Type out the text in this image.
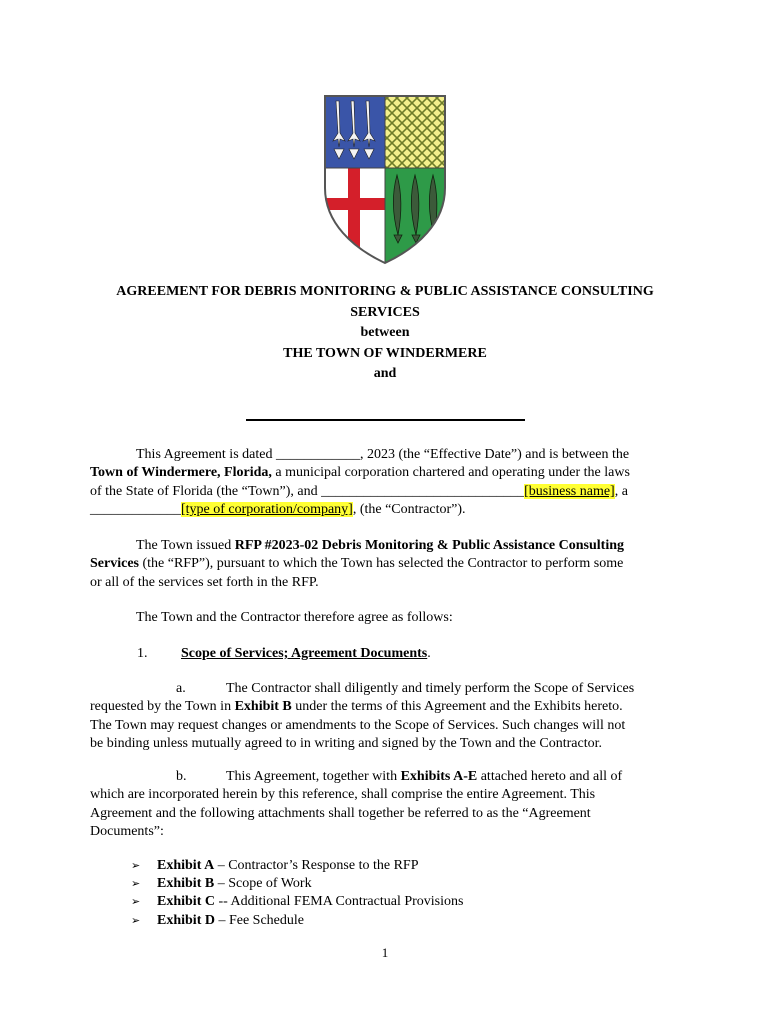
AGREEMENT FOR DEBRIS MONITORING & PUBLIC ASSISTANCE CONSULTING
SERVICES
between
THE TOWN OF WINDERMERE
and
This Agreement is dated ____________, 2023 (the “Effective Date”) and is between the
Town of Windermere, Florida, a municipal corporation chartered and operating under the laws
of the State of Florida (the “Town”), and _____________________________[business name], a
_____________[type of corporation/company], (the “Contractor”).
The Town issued RFP #2023-02 Debris Monitoring & Public Assistance Consulting
Services (the “RFP”), pursuant to which the Town has selected the Contractor to perform some
or all of the services set forth in the RFP.
The Town and the Contractor therefore agree as follows:
1. Scope of Services; Agreement Documents.
a.	The Contractor shall diligently and timely perform the Scope of Services
requested by the Town in Exhibit B under the terms of this Agreement and the Exhibits hereto.
The Town may request changes or amendments to the Scope of Services. Such changes will not
be binding unless mutually agreed to in writing and signed by the Town and the Contractor.
b.	This Agreement, together with Exhibits A-E attached hereto and all of
which are incorporated herein by this reference, shall comprise the entire Agreement. This
Agreement and the following attachments shall together be referred to as the “Agreement
Documents”:
➢ Exhibit A – Contractor’s Response to the RFP
➢ Exhibit B – Scope of Work
➢ Exhibit C -- Additional FEMA Contractual Provisions
➢ Exhibit D – Fee Schedule
1
